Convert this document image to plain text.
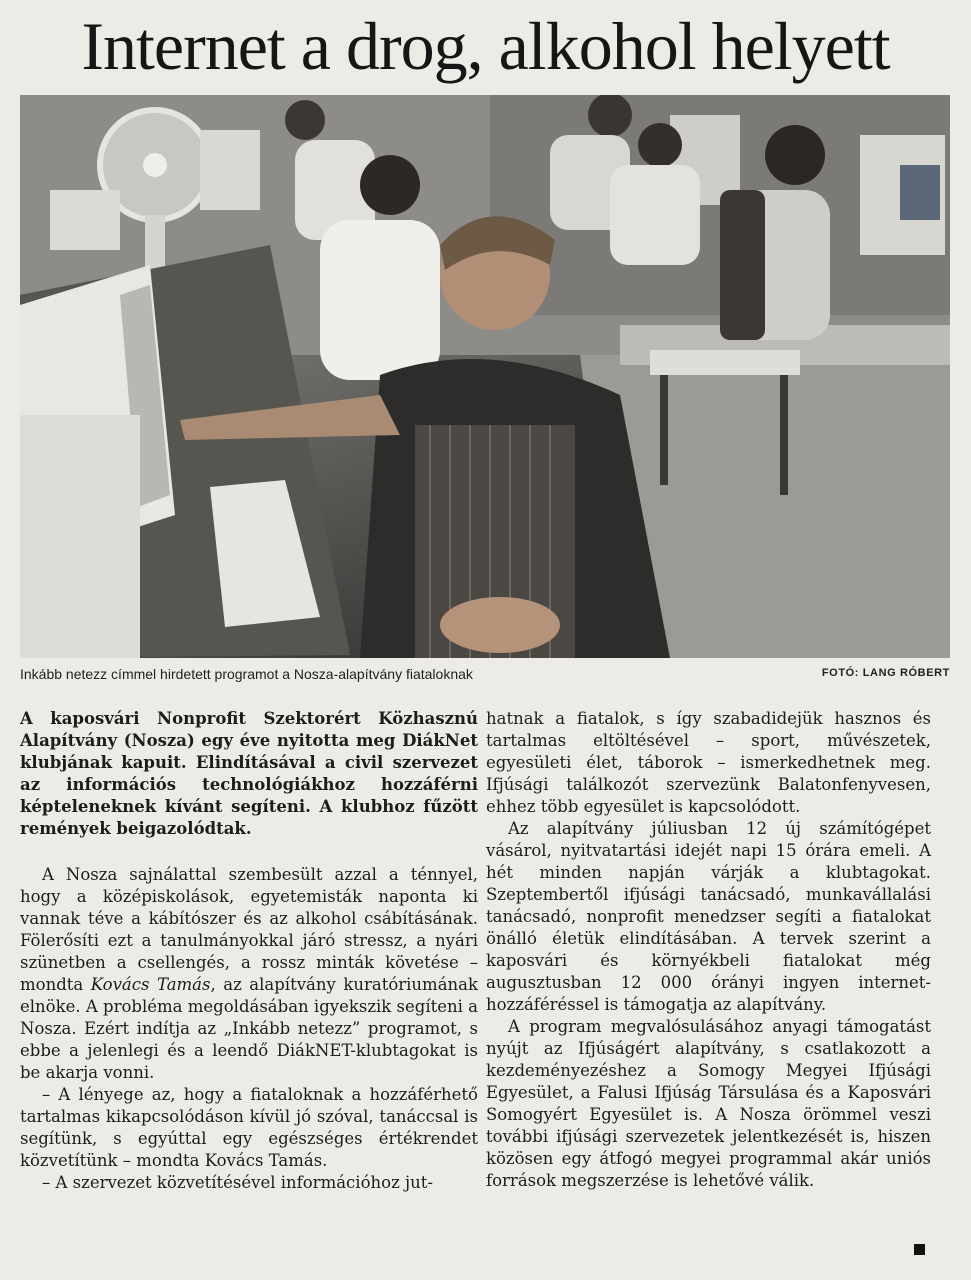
Internet a drog, alkohol helyett
Inkább netezz címmel hirdetett programot a Nosza-alapítvány fiataloknak	FOTÓ: LANG RÓBERT

A kaposvári Nonprofit Szektorért Közhasznú Alapítvány (Nosza) egy éve nyitotta meg DiákNet klubjának kapuit. Elindításával a civil szervezet az információs technológiákhoz hozzáférni képteleneknek kívánt segíteni. A klubhoz fűzött remények beigazolódtak.

A Nosza sajnálattal szembesült azzal a ténnyel, hogy a középiskolások, egyetemisták naponta ki vannak téve a kábítószer és az alkohol csábításának. Fölerősíti ezt a tanulmányokkal járó stressz, a nyári szünetben a csellengés, a rossz minták követése – mondta Kovács Tamás, az alapítvány kuratóriumának elnöke. A probléma megoldásában igyekszik segíteni a Nosza. Ezért indítja az „Inkább netezz” programot, s ebbe a jelenlegi és a leendő DiákNET-klubtagokat is be akarja vonni.

– A lényege az, hogy a fiataloknak a hozzáférhető tartalmas kikapcsolódáson kívül jó szóval, tanáccsal is segítünk, s egyúttal egy egészséges értékrendet közvetítünk – mondta Kovács Tamás.

– A szervezet közvetítésével információhoz jut-

hatnak a fiatalok, s így szabadidejük hasznos és tartalmas eltöltésével – sport, művészetek, egyesületi élet, táborok – ismerkedhetnek meg. Ifjúsági találkozót szervezünk Balatonfenyvesen, ehhez több egyesület is kapcsolódott.

Az alapítvány júliusban 12 új számítógépet vásárol, nyitvatartási idejét napi 15 órára emeli. A hét minden napján várják a klubtagokat. Szeptembertől ifjúsági tanácsadó, munkavállalási tanácsadó, nonprofit menedzser segíti a fiatalokat önálló életük elindításában. A tervek szerint a kaposvári és környékbeli fiatalokat még augusztusban 12 000 órányi ingyen internet-hozzáféréssel is támogatja az alapítvány.

A program megvalósulásához anyagi támogatást nyújt az Ifjúságért alapítvány, s csatlakozott a kezdeményezéshez a Somogy Megyei Ifjúsági Egyesület, a Falusi Ifjúság Társulása és a Kaposvári Somogyért Egyesület is. A Nosza örömmel veszi további ifjúsági szervezetek jelentkezését is, hiszen közösen egy átfogó megyei programmal akár uniós források megszerzése is lehetővé válik.
